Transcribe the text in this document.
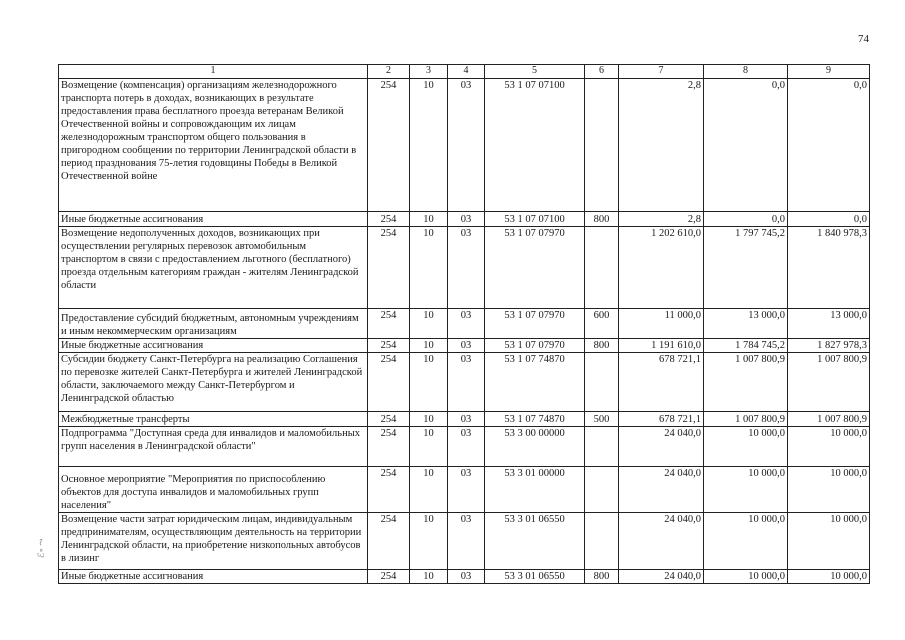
74
1	2	3	4	5	6	7	8	9
Возмещение (компенсация) организациям железнодорожного транспорта потерь в доходах, возникающих в результате предоставления права бесплатного проезда ветеранам Великой Отечественной войны и сопровождающим их лицам железнодорожным транспортом общего пользования в пригородном сообщении по территории Ленинградской области в период празднования 75-летия годовщины Победы в Великой Отечественной войне	254	10	03	53 1 07 07100		2,8	0,0	0,0
Иные бюджетные ассигнования	254	10	03	53 1 07 07100	800	2,8	0,0	0,0
Возмещение недополученных доходов, возникающих при осуществлении регулярных перевозок автомобильным транспортом в связи с предоставлением льготного (бесплатного) проезда отдельным категориям граждан - жителям Ленинградской области	254	10	03	53 1 07 07970		1 202 610,0	1 797 745,2	1 840 978,3
Предоставление субсидий бюджетным, автономным учреждениям и иным некоммерческим организациям	254	10	03	53 1 07 07970	600	11 000,0	13 000,0	13 000,0
Иные бюджетные ассигнования	254	10	03	53 1 07 07970	800	1 191 610,0	1 784 745,2	1 827 978,3
Субсидии бюджету Санкт-Петербурга на реализацию Соглашения по перевозке жителей Санкт-Петербурга и жителей Ленинградской области, заключаемого между Санкт-Петербургом и Ленинградской областью	254	10	03	53 1 07 74870		678 721,1	1 007 800,9	1 007 800,9
Межбюджетные трансферты	254	10	03	53 1 07 74870	500	678 721,1	1 007 800,9	1 007 800,9
Подпрограмма "Доступная среда для инвалидов и маломобильных групп населения в Ленинградской области"	254	10	03	53 3 00 00000		24 040,0	10 000,0	10 000,0
Основное мероприятие "Мероприятия по приспособлению объектов для доступа инвалидов и маломобильных групп населения"	254	10	03	53 3 01 00000		24 040,0	10 000,0	10 000,0
Возмещение части затрат юридическим лицам, индивидуальным предпринимателям, осуществляющим деятельность на территории Ленинградской области, на приобретение низкопольных автобусов в лизинг	254	10	03	53 3 01 06550		24 040,0	10 000,0	10 000,0
Иные бюджетные ассигнования	254	10	03	53 3 01 06550	800	24 040,0	10 000,0	10 000,0
ℰ∘ ⤳
